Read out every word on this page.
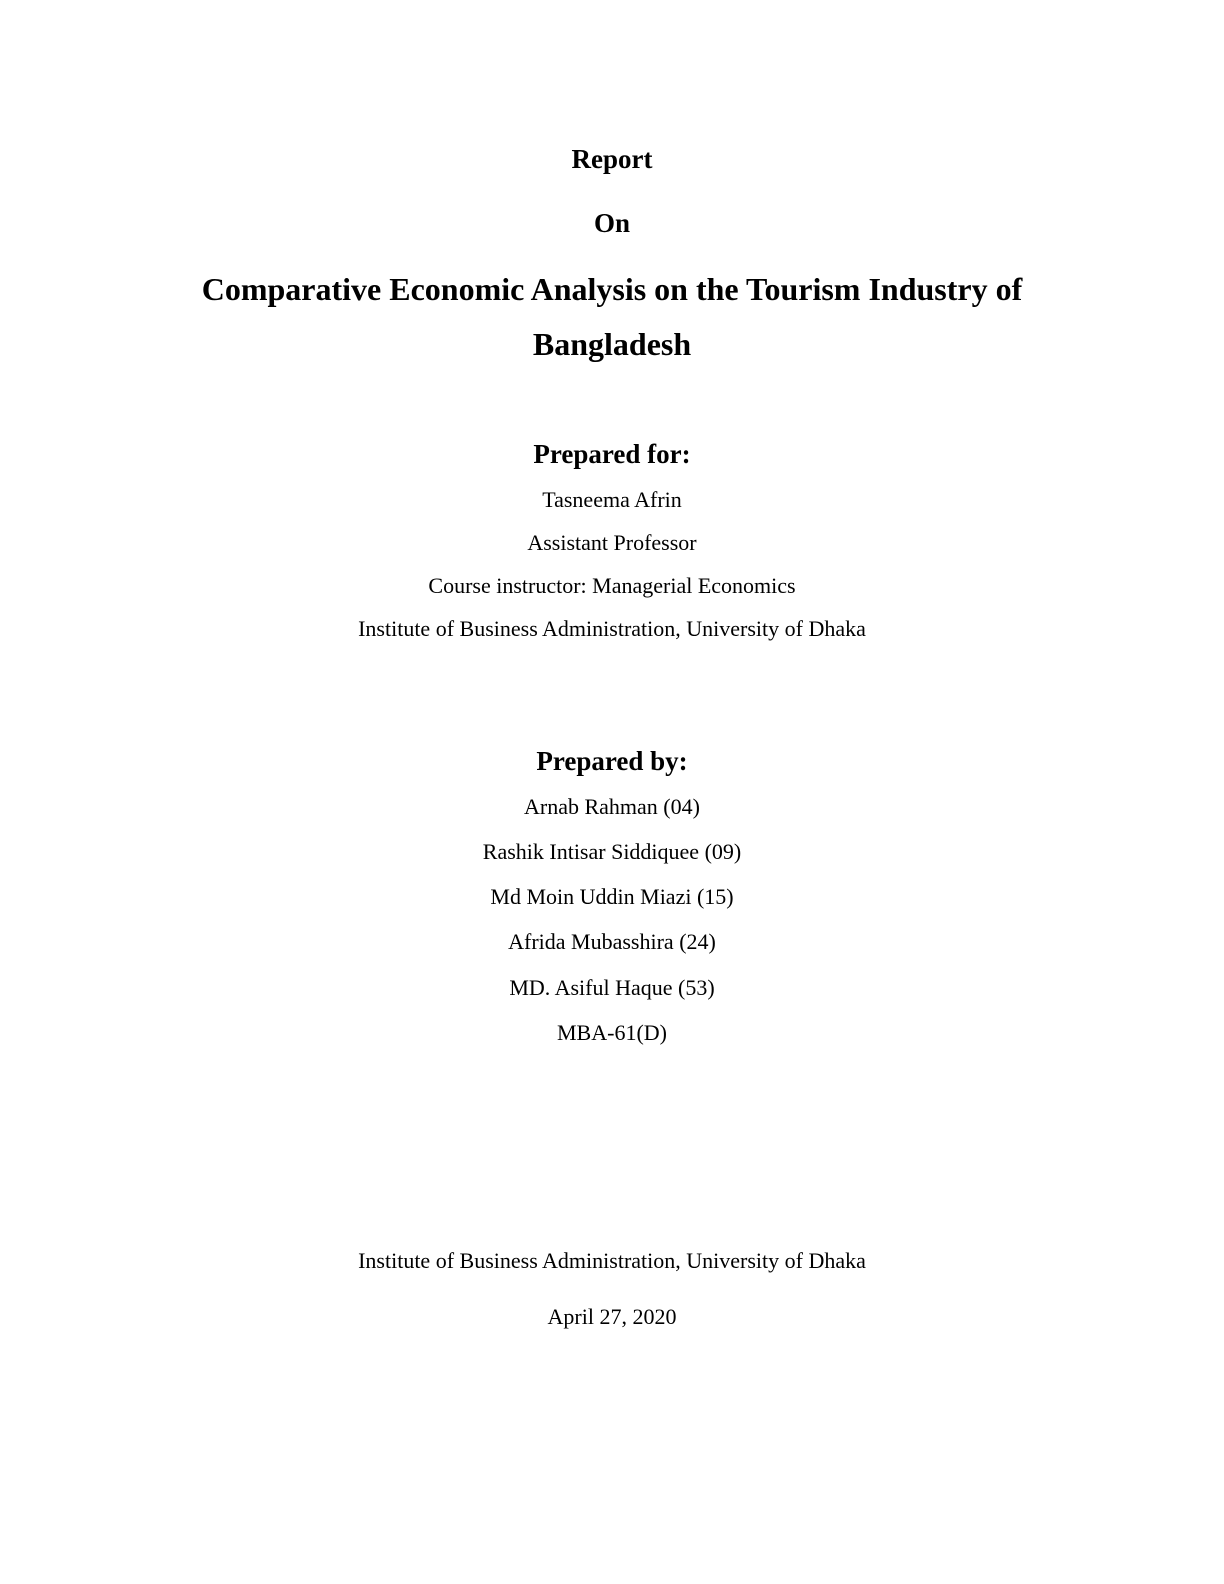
Report
On
Comparative Economic Analysis on the Tourism Industry of
Bangladesh
Prepared for:
Tasneema Afrin
Assistant Professor
Course instructor: Managerial Economics
Institute of Business Administration, University of Dhaka
Prepared by:
Arnab Rahman (04)
Rashik Intisar Siddiquee (09)
Md Moin Uddin Miazi (15)
Afrida Mubasshira (24)
MD. Asiful Haque (53)
MBA-61(D)
Institute of Business Administration, University of Dhaka
April 27, 2020
